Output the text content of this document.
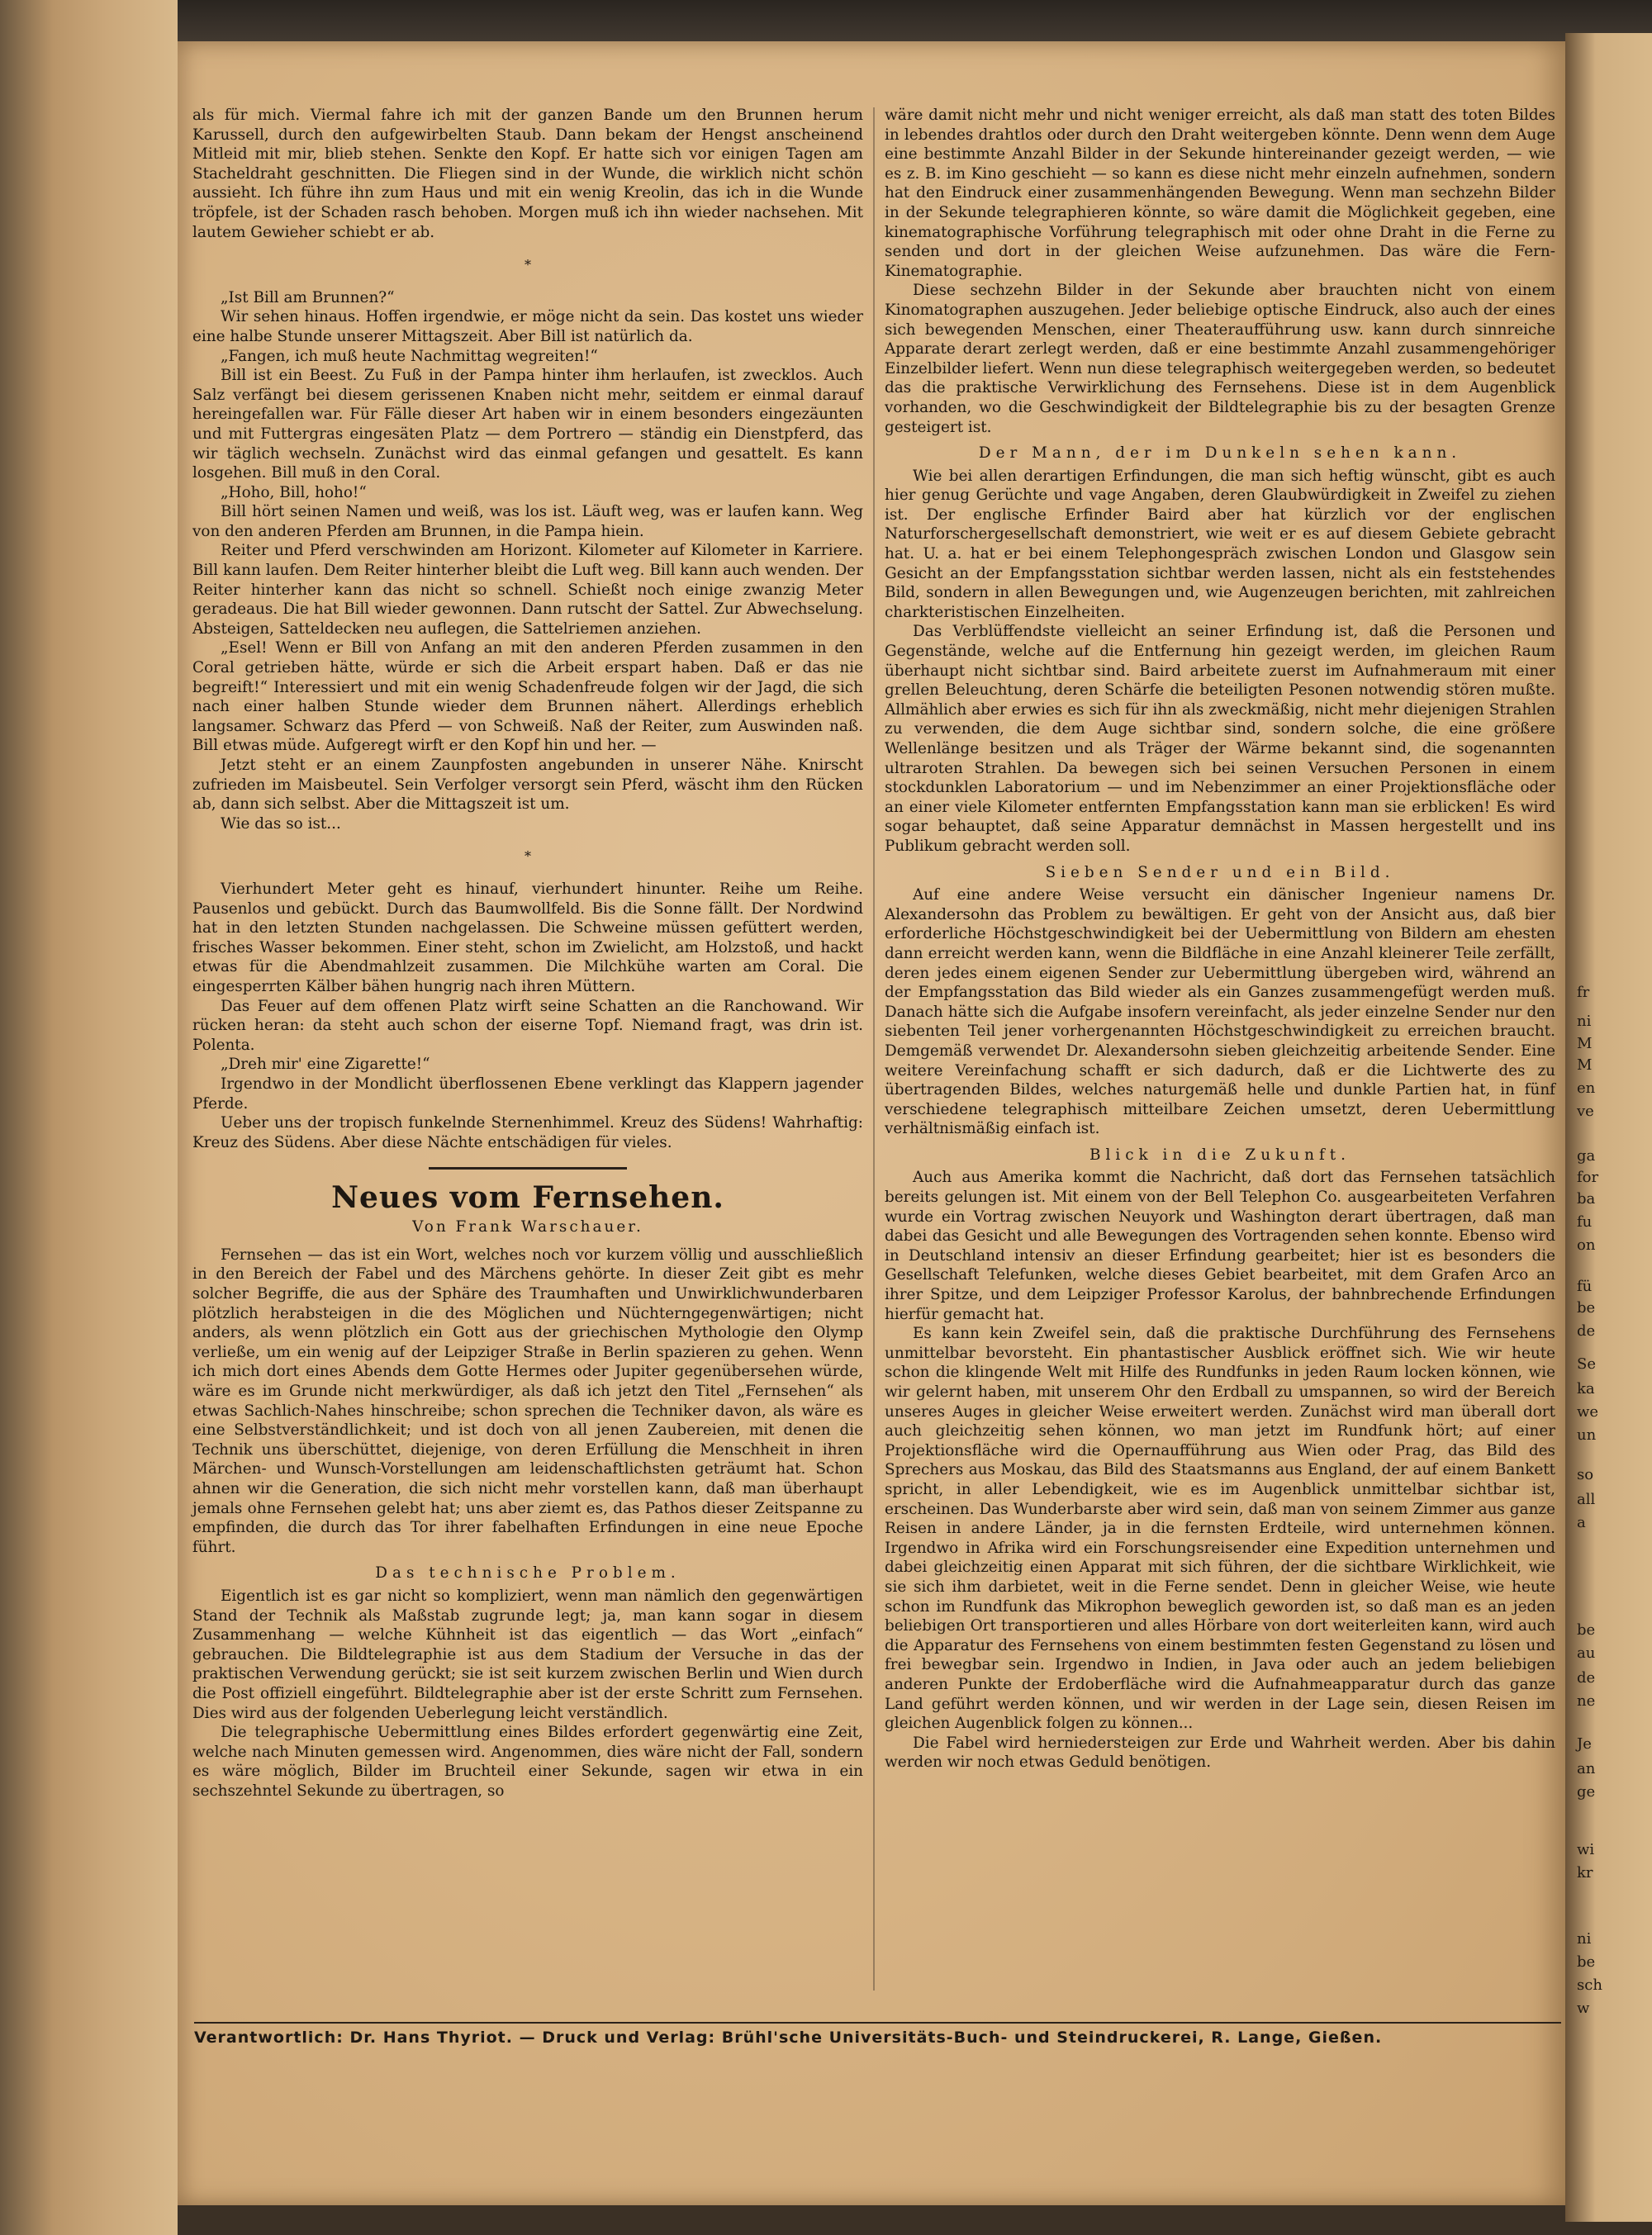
als für mich. Viermal fahre ich mit der ganzen Bande um den Brunnen herum Karussell, durch den aufgewirbelten Staub. Dann bekam der Hengst anscheinend Mitleid mit mir, blieb stehen. Senkte den Kopf. Er hatte sich vor einigen Tagen am Stacheldraht geschnitten. Die Fliegen sind in der Wunde, die wirklich nicht schön aussieht. Ich führe ihn zum Haus und mit ein wenig Kreolin, das ich in die Wunde tröpfele, ist der Schaden rasch behoben. Morgen muß ich ihn wieder nachsehen. Mit lautem Gewieher schiebt er ab.

*

„Ist Bill am Brunnen?“

Wir sehen hinaus. Hoffen irgendwie, er möge nicht da sein. Das kostet uns wieder eine halbe Stunde unserer Mittagszeit. Aber Bill ist natürlich da.

„Fangen, ich muß heute Nachmittag wegreiten!“

Bill ist ein Beest. Zu Fuß in der Pampa hinter ihm herlaufen, ist zwecklos. Auch Salz verfängt bei diesem gerissenen Knaben nicht mehr, seitdem er einmal darauf hereingefallen war. Für Fälle dieser Art haben wir in einem besonders eingezäunten und mit Futtergras eingesäten Platz — dem Portrero — ständig ein Dienstpferd, das wir täglich wechseln. Zunächst wird das einmal gefangen und gesattelt. Es kann losgehen. Bill muß in den Coral.

„Hoho, Bill, hoho!“

Bill hört seinen Namen und weiß, was los ist. Läuft weg, was er laufen kann. Weg von den anderen Pferden am Brunnen, in die Pampa hiein.

Reiter und Pferd verschwinden am Horizont. Kilometer auf Kilometer in Karriere. Bill kann laufen. Dem Reiter hinterher bleibt die Luft weg. Bill kann auch wenden. Der Reiter hinterher kann das nicht so schnell. Schießt noch einige zwanzig Meter geradeaus. Die hat Bill wieder gewonnen. Dann rutscht der Sattel. Zur Abwechselung. Absteigen, Satteldecken neu auflegen, die Sattelriemen anziehen.

„Esel! Wenn er Bill von Anfang an mit den anderen Pferden zusammen in den Coral getrieben hätte, würde er sich die Arbeit erspart haben. Daß er das nie begreift!“ Interessiert und mit ein wenig Schadenfreude folgen wir der Jagd, die sich nach einer halben Stunde wieder dem Brunnen nähert. Allerdings erheblich langsamer. Schwarz das Pferd — von Schweiß. Naß der Reiter, zum Auswinden naß. Bill etwas müde. Aufgeregt wirft er den Kopf hin und her. —

Jetzt steht er an einem Zaunpfosten angebunden in unserer Nähe. Knirscht zufrieden im Maisbeutel. Sein Verfolger versorgt sein Pferd, wäscht ihm den Rücken ab, dann sich selbst. Aber die Mittagszeit ist um.

Wie das so ist...

*

Vierhundert Meter geht es hinauf, vierhundert hinunter. Reihe um Reihe. Pausenlos und gebückt. Durch das Baumwollfeld. Bis die Sonne fällt. Der Nordwind hat in den letzten Stunden nachgelassen. Die Schweine müssen gefüttert werden, frisches Wasser bekommen. Einer steht, schon im Zwielicht, am Holzstoß, und hackt etwas für die Abendmahlzeit zusammen. Die Milchkühe warten am Coral. Die eingesperrten Kälber bähen hungrig nach ihren Müttern.

Das Feuer auf dem offenen Platz wirft seine Schatten an die Ranchowand. Wir rücken heran: da steht auch schon der eiserne Topf. Niemand fragt, was drin ist. Polenta.

„Dreh mir' eine Zigarette!“

Irgendwo in der Mondlicht überflossenen Ebene verklingt das Klappern jagender Pferde.

Ueber uns der tropisch funkelnde Sternenhimmel. Kreuz des Südens! Wahrhaftig: Kreuz des Südens. Aber diese Nächte entschädigen für vieles.

Neues vom Fernsehen.
Von Frank Warschauer.

Fernsehen — das ist ein Wort, welches noch vor kurzem völlig und ausschließlich in den Bereich der Fabel und des Märchens gehörte. In dieser Zeit gibt es mehr solcher Begriffe, die aus der Sphäre des Traumhaften und Unwirklichwunderbaren plötzlich herabsteigen in die des Möglichen und Nüchterngegenwärtigen; nicht anders, als wenn plötzlich ein Gott aus der griechischen Mythologie den Olymp verließe, um ein wenig auf der Leipziger Straße in Berlin spazieren zu gehen. Wenn ich mich dort eines Abends dem Gotte Hermes oder Jupiter gegenübersehen würde, wäre es im Grunde nicht merkwürdiger, als daß ich jetzt den Titel „Fernsehen“ als etwas Sachlich-Nahes hinschreibe; schon sprechen die Techniker davon, als wäre es eine Selbstverständlichkeit; und ist doch von all jenen Zaubereien, mit denen die Technik uns überschüttet, diejenige, von deren Erfüllung die Menschheit in ihren Märchen- und Wunsch-Vorstellungen am leidenschaftlichsten geträumt hat. Schon ahnen wir die Generation, die sich nicht mehr vorstellen kann, daß man überhaupt jemals ohne Fernsehen gelebt hat; uns aber ziemt es, das Pathos dieser Zeitspanne zu empfinden, die durch das Tor ihrer fabelhaften Erfindungen in eine neue Epoche führt.

Das technische Problem.

Eigentlich ist es gar nicht so kompliziert, wenn man nämlich den gegenwärtigen Stand der Technik als Maßstab zugrunde legt; ja, man kann sogar in diesem Zusammenhang — welche Kühnheit ist das eigentlich — das Wort „einfach“ gebrauchen. Die Bildtelegraphie ist aus dem Stadium der Versuche in das der praktischen Verwendung gerückt; sie ist seit kurzem zwischen Berlin und Wien durch die Post offiziell eingeführt. Bildtelegraphie aber ist der erste Schritt zum Fernsehen. Dies wird aus der folgenden Ueberlegung leicht verständlich.

Die telegraphische Uebermittlung eines Bildes erfordert gegenwärtig eine Zeit, welche nach Minuten gemessen wird. Angenommen, dies wäre nicht der Fall, sondern es wäre möglich, Bilder im Bruchteil einer Sekunde, sagen wir etwa in ein sechszehntel Sekunde zu übertragen, so

wäre damit nicht mehr und nicht weniger erreicht, als daß man statt des toten Bildes in lebendes drahtlos oder durch den Draht weitergeben könnte. Denn wenn dem Auge eine bestimmte Anzahl Bilder in der Sekunde hintereinander gezeigt werden, — wie es z. B. im Kino geschieht — so kann es diese nicht mehr einzeln aufnehmen, sondern hat den Eindruck einer zusammenhängenden Bewegung. Wenn man sechzehn Bilder in der Sekunde telegraphieren könnte, so wäre damit die Möglichkeit gegeben, eine kinematographische Vorführung telegraphisch mit oder ohne Draht in die Ferne zu senden und dort in der gleichen Weise aufzunehmen. Das wäre die Fern-Kinematographie.

Diese sechzehn Bilder in der Sekunde aber brauchten nicht von einem Kinomatographen auszugehen. Jeder beliebige optische Eindruck, also auch der eines sich bewegenden Menschen, einer Theateraufführung usw. kann durch sinnreiche Apparate derart zerlegt werden, daß er eine bestimmte Anzahl zusammengehöriger Einzelbilder liefert. Wenn nun diese telegraphisch weitergegeben werden, so bedeutet das die praktische Verwirklichung des Fernsehens. Diese ist in dem Augenblick vorhanden, wo die Geschwindigkeit der Bildtelegraphie bis zu der besagten Grenze gesteigert ist.

Der Mann, der im Dunkeln sehen kann.

Wie bei allen derartigen Erfindungen, die man sich heftig wünscht, gibt es auch hier genug Gerüchte und vage Angaben, deren Glaubwürdigkeit in Zweifel zu ziehen ist. Der englische Erfinder Baird aber hat kürzlich vor der englischen Naturforschergesellschaft demonstriert, wie weit er es auf diesem Gebiete gebracht hat. U. a. hat er bei einem Telephongespräch zwischen London und Glasgow sein Gesicht an der Empfangsstation sichtbar werden lassen, nicht als ein feststehendes Bild, sondern in allen Bewegungen und, wie Augenzeugen berichten, mit zahlreichen charkteristischen Einzelheiten.

Das Verblüffendste vielleicht an seiner Erfindung ist, daß die Personen und Gegenstände, welche auf die Entfernung hin gezeigt werden, im gleichen Raum überhaupt nicht sichtbar sind. Baird arbeitete zuerst im Aufnahmeraum mit einer grellen Beleuchtung, deren Schärfe die beteiligten Pesonen notwendig stören mußte. Allmählich aber erwies es sich für ihn als zweckmäßig, nicht mehr diejenigen Strahlen zu verwenden, die dem Auge sichtbar sind, sondern solche, die eine größere Wellenlänge besitzen und als Träger der Wärme bekannt sind, die sogenannten ultraroten Strahlen. Da bewegen sich bei seinen Versuchen Personen in einem stockdunklen Laboratorium — und im Nebenzimmer an einer Projektionsfläche oder an einer viele Kilometer entfernten Empfangsstation kann man sie erblicken! Es wird sogar behauptet, daß seine Apparatur demnächst in Massen hergestellt und ins Publikum gebracht werden soll.

Sieben Sender und ein Bild.

Auf eine andere Weise versucht ein dänischer Ingenieur namens Dr. Alexandersohn das Problem zu bewältigen. Er geht von der Ansicht aus, daß bier erforderliche Höchstgeschwindigkeit bei der Uebermittlung von Bildern am ehesten dann erreicht werden kann, wenn die Bildfläche in eine Anzahl kleinerer Teile zerfällt, deren jedes einem eigenen Sender zur Uebermittlung übergeben wird, während an der Empfangsstation das Bild wieder als ein Ganzes zusammengefügt werden muß. Danach hätte sich die Aufgabe insofern vereinfacht, als jeder einzelne Sender nur den siebenten Teil jener vorhergenannten Höchstgeschwindigkeit zu erreichen braucht. Demgemäß verwendet Dr. Alexandersohn sieben gleichzeitig arbeitende Sender. Eine weitere Vereinfachung schafft er sich dadurch, daß er die Lichtwerte des zu übertragenden Bildes, welches naturgemäß helle und dunkle Partien hat, in fünf verschiedene telegraphisch mitteilbare Zeichen umsetzt, deren Uebermittlung verhältnismäßig einfach ist.

Blick in die Zukunft.

Auch aus Amerika kommt die Nachricht, daß dort das Fernsehen tatsächlich bereits gelungen ist. Mit einem von der Bell Telephon Co. ausgearbeiteten Verfahren wurde ein Vortrag zwischen Neuyork und Washington derart übertragen, daß man dabei das Gesicht und alle Bewegungen des Vortragenden sehen konnte. Ebenso wird in Deutschland intensiv an dieser Erfindung gearbeitet; hier ist es besonders die Gesellschaft Telefunken, welche dieses Gebiet bearbeitet, mit dem Grafen Arco an ihrer Spitze, und dem Leipziger Professor Karolus, der bahnbrechende Erfindungen hierfür gemacht hat.

Es kann kein Zweifel sein, daß die praktische Durchführung des Fernsehens unmittelbar bevorsteht. Ein phantastischer Ausblick eröffnet sich. Wie wir heute schon die klingende Welt mit Hilfe des Rundfunks in jeden Raum locken können, wie wir gelernt haben, mit unserem Ohr den Erdball zu umspannen, so wird der Bereich unseres Auges in gleicher Weise erweitert werden. Zunächst wird man überall dort auch gleichzeitig sehen können, wo man jetzt im Rundfunk hört; auf einer Projektionsfläche wird die Opernaufführung aus Wien oder Prag, das Bild des Sprechers aus Moskau, das Bild des Staatsmanns aus England, der auf einem Bankett spricht, in aller Lebendigkeit, wie es im Augenblick unmittelbar sichtbar ist, erscheinen. Das Wunderbarste aber wird sein, daß man von seinem Zimmer aus ganze Reisen in andere Länder, ja in die fernsten Erdteile, wird unternehmen können. Irgendwo in Afrika wird ein Forschungsreisender eine Expedition unternehmen und dabei gleichzeitig einen Apparat mit sich führen, der die sichtbare Wirklichkeit, wie sie sich ihm darbietet, weit in die Ferne sendet. Denn in gleicher Weise, wie heute schon im Rundfunk das Mikrophon beweglich geworden ist, so daß man es an jeden beliebigen Ort transportieren und alles Hörbare von dort weiterleiten kann, wird auch die Apparatur des Fernsehens von einem bestimmten festen Gegenstand zu lösen und frei bewegbar sein. Irgendwo in Indien, in Java oder auch an jedem beliebigen anderen Punkte der Erdoberfläche wird die Aufnahmeapparatur durch das ganze Land geführt werden können, und wir werden in der Lage sein, diesen Reisen im gleichen Augenblick folgen zu können...

Die Fabel wird herniedersteigen zur Erde und Wahrheit werden. Aber bis dahin werden wir noch etwas Geduld benötigen.

Verantwortlich: Dr. Hans Thyriot. — Druck und Verlag: Brühl'sche Universitäts-Buch- und Steindruckerei, R. Lange, Gießen.
fr
ni
M
M
en
ve
ga
for
ba
fu
on
fü
be
de
Se
ka
we
un
so
all
a
be
au
de
ne
Je
an
ge
wi
kr
ni
be
sch
w
